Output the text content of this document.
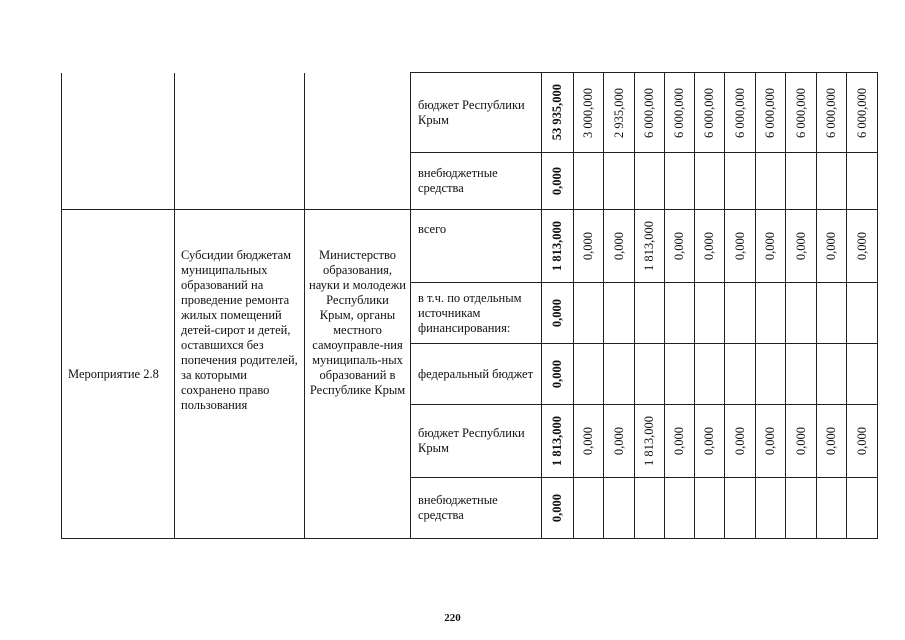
			бюджет Республики Крым	53 935,000	3 000,000	2 935,000	6 000,000	6 000,000	6 000,000	6 000,000	6 000,000	6 000,000	6 000,000	6 000,000

			внебюджетные средства	0,000										

Мероприятие 2.8	Субсидии бюджетам муниципальных образований на проведение ремонта жилых помещений детей-сирот и детей, оставшихся без попечения родителей, за которыми сохранено право пользования	Министерство образования, науки и молодежи Республики Крым, органы местного самоуправле-ния муниципаль-ных образований в Республике Крым	всего	1 813,000	0,000	0,000	1 813,000	0,000	0,000	0,000	0,000	0,000	0,000	0,000

			в т.ч. по отдельным источникам финансирования:	0,000										

			федеральный бюджет	0,000										

			бюджет Республики Крым	1 813,000	0,000	0,000	1 813,000	0,000	0,000	0,000	0,000	0,000	0,000	0,000

			внебюджетные средства	0,000										

220
